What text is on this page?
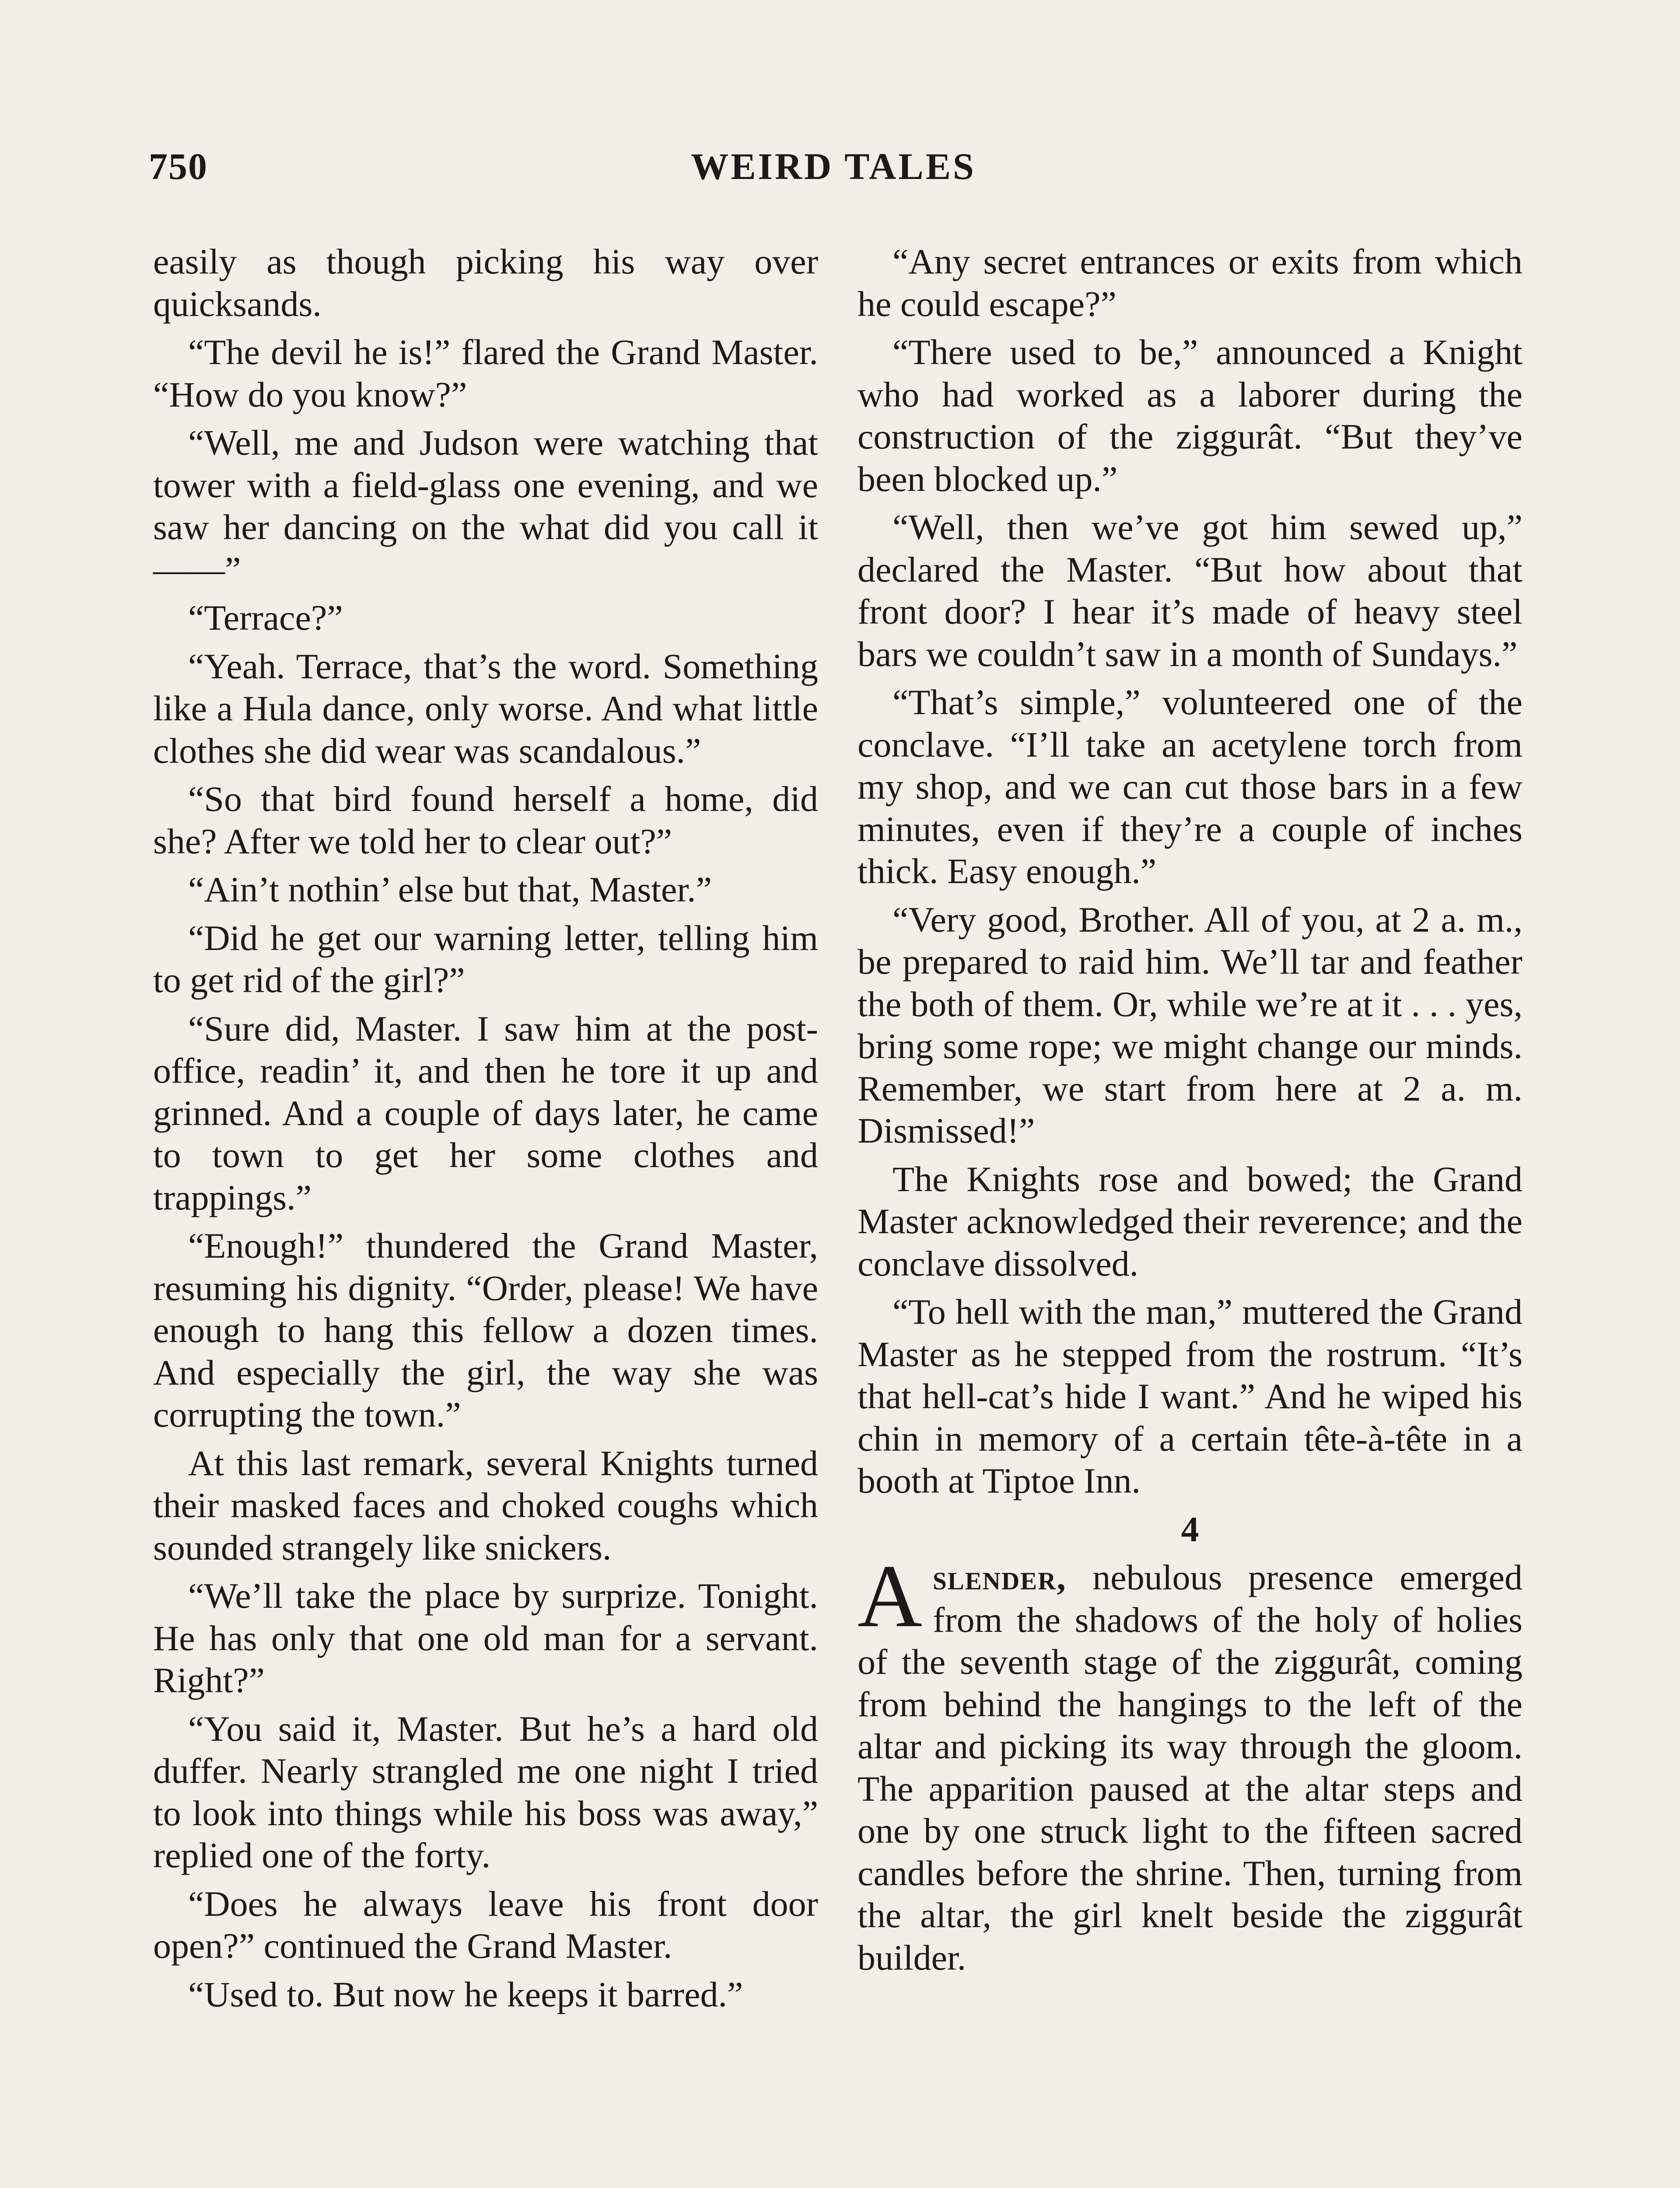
750	WEIRD TALES

easily as though picking his way over quicksands.

“The devil he is!” flared the Grand Master. “How do you know?”

“Well, me and Judson were watching that tower with a field-glass one evening, and we saw her dancing on the what did you call it——”

“Terrace?”

“Yeah. Terrace, that’s the word. Something like a Hula dance, only worse. And what little clothes she did wear was scandalous.”

“So that bird found herself a home, did she? After we told her to clear out?”

“Ain’t nothin’ else but that, Master.”

“Did he get our warning letter, telling him to get rid of the girl?”

“Sure did, Master. I saw him at the post-office, readin’ it, and then he tore it up and grinned. And a couple of days later, he came to town to get her some clothes and trappings.”

“Enough!” thundered the Grand Master, resuming his dignity. “Order, please! We have enough to hang this fellow a dozen times. And especially the girl, the way she was corrupting the town.”

At this last remark, several Knights turned their masked faces and choked coughs which sounded strangely like snickers.

“We’ll take the place by surprize. Tonight. He has only that one old man for a servant. Right?”

“You said it, Master. But he’s a hard old duffer. Nearly strangled me one night I tried to look into things while his boss was away,” replied one of the forty.

“Does he always leave his front door open?” continued the Grand Master.

“Used to. But now he keeps it barred.”

“Any secret entrances or exits from which he could escape?”

“There used to be,” announced a Knight who had worked as a laborer during the construction of the ziggurât. “But they’ve been blocked up.”

“Well, then we’ve got him sewed up,” declared the Master. “But how about that front door? I hear it’s made of heavy steel bars we couldn’t saw in a month of Sundays.”

“That’s simple,” volunteered one of the conclave. “I’ll take an acetylene torch from my shop, and we can cut those bars in a few minutes, even if they’re a couple of inches thick. Easy enough.”

“Very good, Brother. All of you, at 2 a. m., be prepared to raid him. We’ll tar and feather the both of them. Or, while we’re at it . . . yes, bring some rope; we might change our minds. Remember, we start from here at 2 a. m. Dismissed!”

The Knights rose and bowed; the Grand Master acknowledged their reverence; and the conclave dissolved.

“To hell with the man,” muttered the Grand Master as he stepped from the rostrum. “It’s that hell-cat’s hide I want.” And he wiped his chin in memory of a certain tête-à-tête in a booth at Tiptoe Inn.

4

Aslender, nebulous presence emerged from the shadows of the holy of holies of the seventh stage of the ziggurât, coming from behind the hangings to the left of the altar and picking its way through the gloom. The apparition paused at the altar steps and one by one struck light to the fifteen sacred candles before the shrine. Then, turning from the altar, the girl knelt beside the ziggurât builder.
